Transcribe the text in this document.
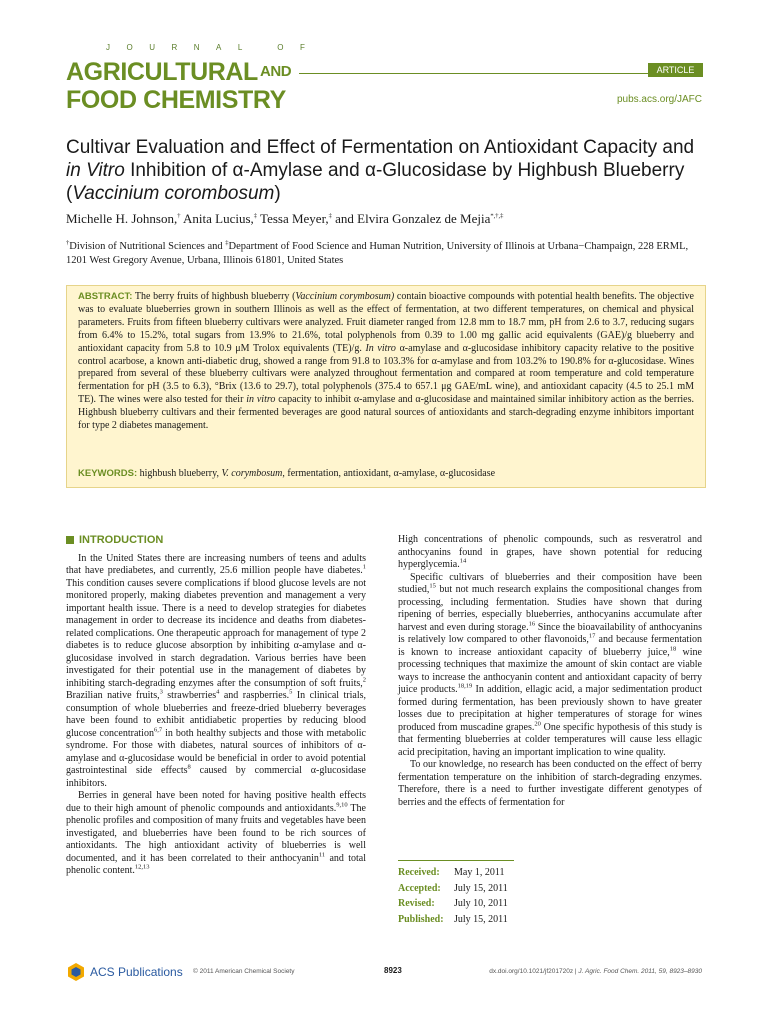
JOURNAL OF
AGRICULTURAL AND
FOOD CHEMISTRY
ARTICLE
pubs.acs.org/JAFC
Cultivar Evaluation and Effect of Fermentation on Antioxidant Capacity and in Vitro Inhibition of α-Amylase and α-Glucosidase by Highbush Blueberry (Vaccinium corombosum)
Michelle H. Johnson,† Anita Lucius,‡ Tessa Meyer,‡ and Elvira Gonzalez de Mejia*,†,‡
†Division of Nutritional Sciences and ‡Department of Food Science and Human Nutrition, University of Illinois at Urbana−Champaign, 228 ERML, 1201 West Gregory Avenue, Urbana, Illinois 61801, United States
ABSTRACT: The berry fruits of highbush blueberry (Vaccinium corymbosum) contain bioactive compounds with potential health benefits. The objective was to evaluate blueberries grown in southern Illinois as well as the effect of fermentation, at two different temperatures, on chemical and physical parameters. Fruits from fifteen blueberry cultivars were analyzed. Fruit diameter ranged from 12.8 mm to 18.7 mm, pH from 2.6 to 3.7, reducing sugars from 6.4% to 15.2%, total sugars from 13.9% to 21.6%, total polyphenols from 0.39 to 1.00 mg gallic acid equivalents (GAE)/g blueberry and antioxidant capacity from 5.8 to 10.9 μM Trolox equivalents (TE)/g. In vitro α-amylase and α-glucosidase inhibitory capacity relative to the positive control acarbose, a known anti-diabetic drug, showed a range from 91.8 to 103.3% for α-amylase and from 103.2% to 190.8% for α-glucosidase. Wines prepared from several of these blueberry cultivars were analyzed throughout fermentation and compared at room temperature and cold temperature fermentation for pH (3.5 to 6.3), °Brix (13.6 to 29.7), total polyphenols (375.4 to 657.1 μg GAE/mL wine), and antioxidant capacity (4.5 to 25.1 mM TE). The wines were also tested for their in vitro capacity to inhibit α-amylase and α-glucosidase and maintained similar inhibitory action as the berries. Highbush blueberry cultivars and their fermented beverages are good natural sources of antioxidants and starch-degrading enzyme inhibitors important for type 2 diabetes management.
KEYWORDS: highbush blueberry, V. corymbosum, fermentation, antioxidant, α-amylase, α-glucosidase
INTRODUCTION

In the United States there are increasing numbers of teens and adults that have prediabetes, and currently, 25.6 million people have diabetes.$^1$ This condition causes severe complications if blood glucose levels are not monitored properly, making diabetes prevention and management a very important health issue. There is a need to develop strategies for diabetes management in order to decrease its incidence and deaths from diabetes-related complications. One therapeutic approach for management of type 2 diabetes is to reduce glucose absorption by inhibiting α-amylase and α-glucosidase involved in starch degradation. Various berries have been investigated for their potential use in the management of diabetes by inhibiting starch-degrading enzymes after the consumption of soft fruits,$^2$ Brazilian native fruits,$^3$ strawberries$^4$ and raspberries.$^5$ In clinical trials, consumption of whole blueberries and freeze-dried blueberry beverages have been found to exhibit antidiabetic properties by reducing blood glucose concentration$^{6,7}$ in both healthy subjects and those with metabolic syndrome. For those with diabetes, natural sources of inhibitors of α-amylase and α-glucosidase would be beneficial in order to avoid potential gastrointestinal side effects$^8$ caused by commercial α-glucosidase inhibitors.

Berries in general have been noted for having positive health effects due to their high amount of phenolic compounds and antioxidants.$^{9,10}$ The phenolic profiles and composition of many fruits and vegetables have been investigated, and blueberries have been found to be rich sources of antioxidants. The high antioxidant activity of blueberries is well documented, and it has been correlated to their anthocyanin$^{11}$ and total phenolic content.$^{12,13}$

High concentrations of phenolic compounds, such as resveratrol and anthocyanins found in grapes, have shown potential for reducing hyperglycemia.$^{14}$

Specific cultivars of blueberries and their composition have been studied,$^{15}$ but not much research explains the compositional changes from processing, including fermentation. Studies have shown that during ripening of berries, especially blueberries, anthocyanins accumulate after harvest and even during storage.$^{16}$ Since the bioavailability of anthocyanins is relatively low compared to other flavonoids,$^{17}$ and because fermentation is known to increase antioxidant capacity of blueberry juice,$^{18}$ wine processing techniques that maximize the amount of skin contact are viable ways to increase the anthocyanin content and antioxidant capacity of berry juice products.$^{18,19}$ In addition, ellagic acid, a major sedimentation product formed during fermentation, has been previously shown to have greater losses due to precipitation at higher temperatures of storage for wines produced from muscadine grapes.$^{20}$ One specific hypothesis of this study is that fermenting blueberries at colder temperatures will cause less ellagic acid precipitation, having an important implication to wine quality.

To our knowledge, no research has been conducted on the effect of berry fermentation temperature on the inhibition of starch-degrading enzymes. Therefore, there is a need to further investigate different genotypes of berries and the effects of fermentation for

Received: May 1, 2011
Accepted: July 15, 2011
Revised: July 10, 2011
Published: July 15, 2011
ACS Publications © 2011 American Chemical Society	8923	dx.doi.org/10.1021/jf201720z | J. Agric. Food Chem. 2011, 59, 8923–8930
